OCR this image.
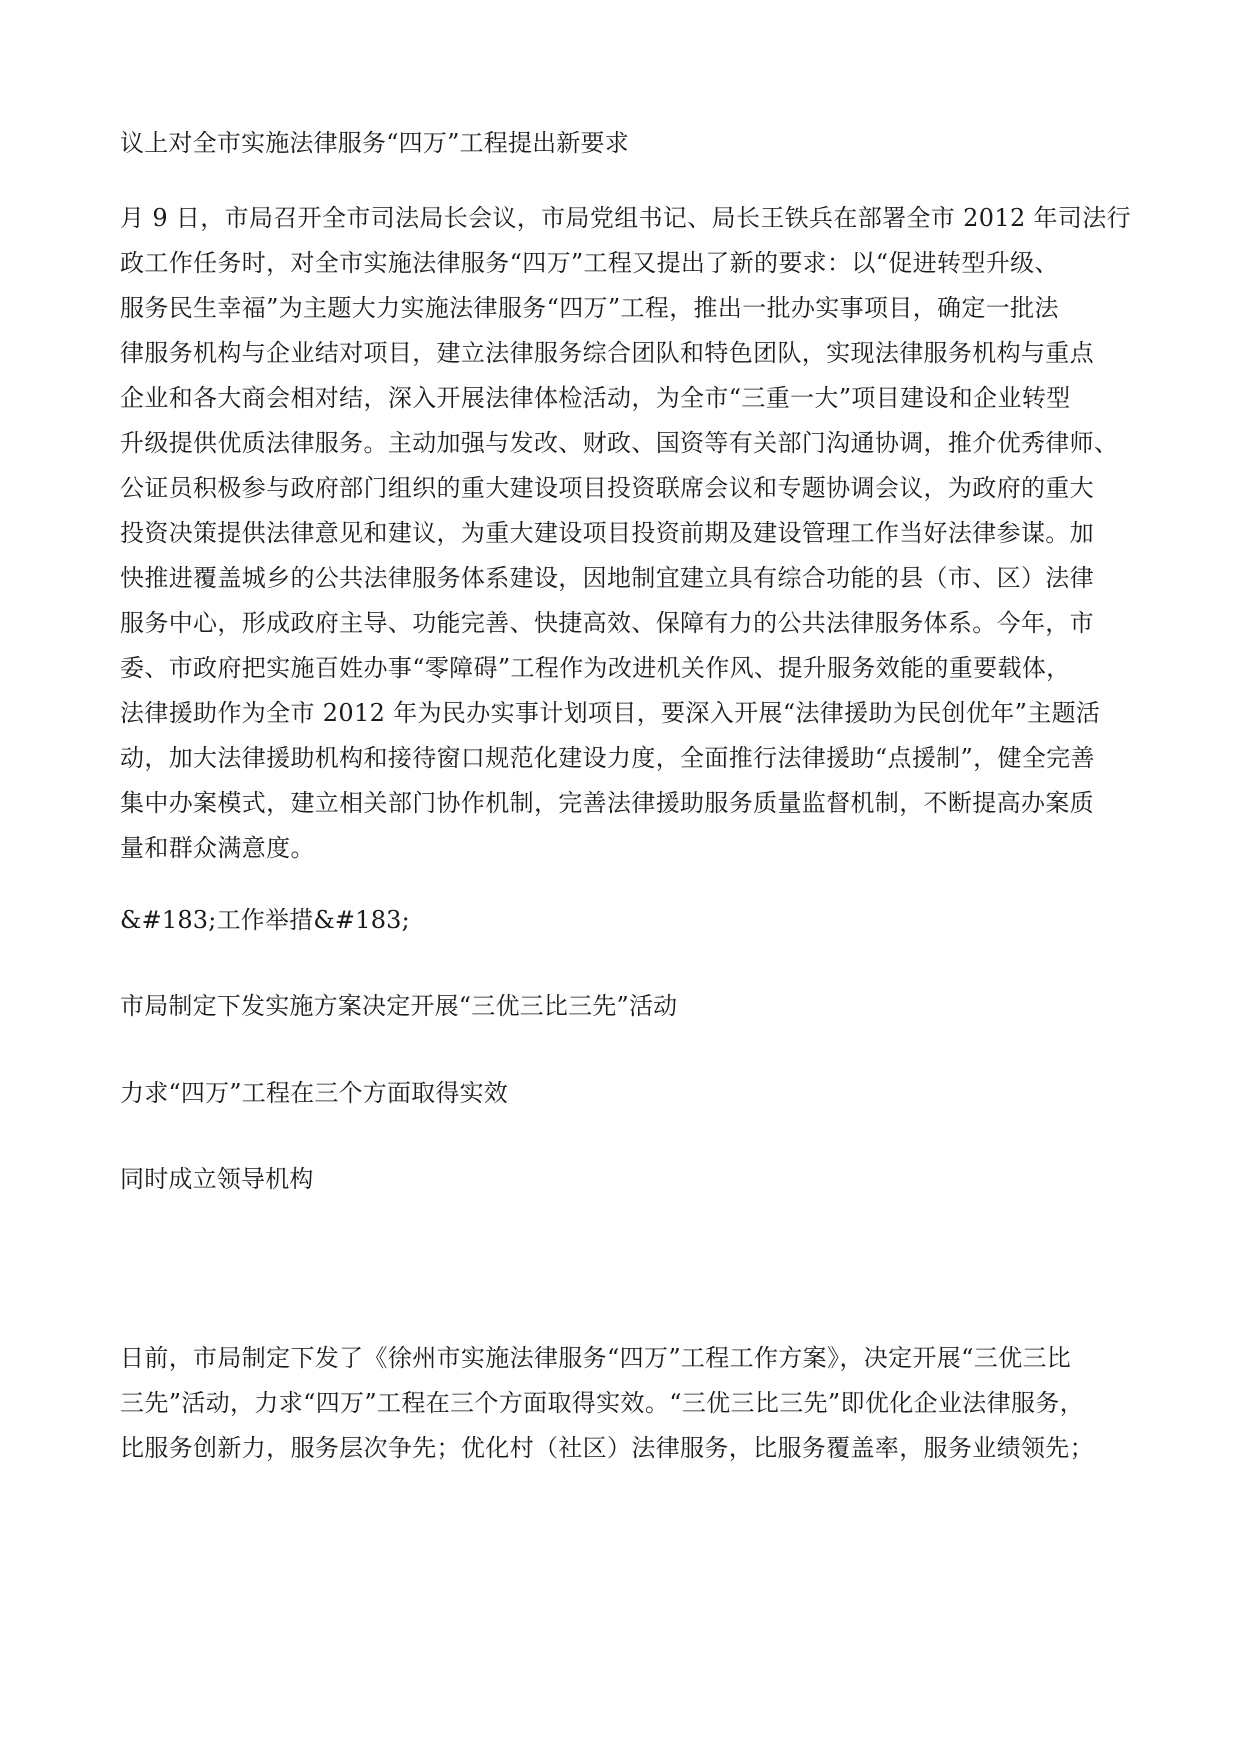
议上对全市实施法律服务“四万”工程提出新要求
月 9 日，市局召开全市司法局长会议，市局党组书记、局长王铁兵在部署全市 2012 年司法行
政工作任务时，对全市实施法律服务“四万”工程又提出了新的要求：以“促进转型升级、
服务民生幸福”为主题大力实施法律服务“四万”工程，推出一批办实事项目，确定一批法
律服务机构与企业结对项目，建立法律服务综合团队和特色团队，实现法律服务机构与重点
企业和各大商会相对结，深入开展法律体检活动，为全市“三重一大”项目建设和企业转型
升级提供优质法律服务。主动加强与发改、财政、国资等有关部门沟通协调，推介优秀律师、
公证员积极参与政府部门组织的重大建设项目投资联席会议和专题协调会议，为政府的重大
投资决策提供法律意见和建议，为重大建设项目投资前期及建设管理工作当好法律参谋。加
快推进覆盖城乡的公共法律服务体系建设，因地制宜建立具有综合功能的县（市、区）法律
服务中心，形成政府主导、功能完善、快捷高效、保障有力的公共法律服务体系。今年，市
委、市政府把实施百姓办事“零障碍”工程作为改进机关作风、提升服务效能的重要载体，
法律援助作为全市 2012 年为民办实事计划项目，要深入开展“法律援助为民创优年”主题活
动，加大法律援助机构和接待窗口规范化建设力度，全面推行法律援助“点援制”，健全完善
集中办案模式，建立相关部门协作机制，完善法律援助服务质量监督机制，不断提高办案质
量和群众满意度。
&#183;工作举措&#183;
市局制定下发实施方案决定开展“三优三比三先”活动
力求“四万”工程在三个方面取得实效
同时成立领导机构
日前，市局制定下发了《徐州市实施法律服务“四万”工程工作方案》，决定开展“三优三比
三先”活动，力求“四万”工程在三个方面取得实效。“三优三比三先”即优化企业法律服务，
比服务创新力，服务层次争先；优化村（社区）法律服务，比服务覆盖率，服务业绩领先；
